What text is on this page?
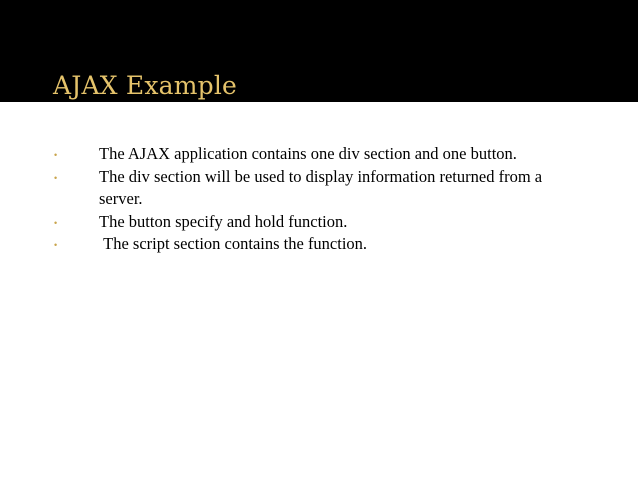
AJAX Example
•	The AJAX application contains one div section and one button.
•	The div section will be used to display information returned from a server.
•	The button specify and hold function.
•	The script section contains the function.
